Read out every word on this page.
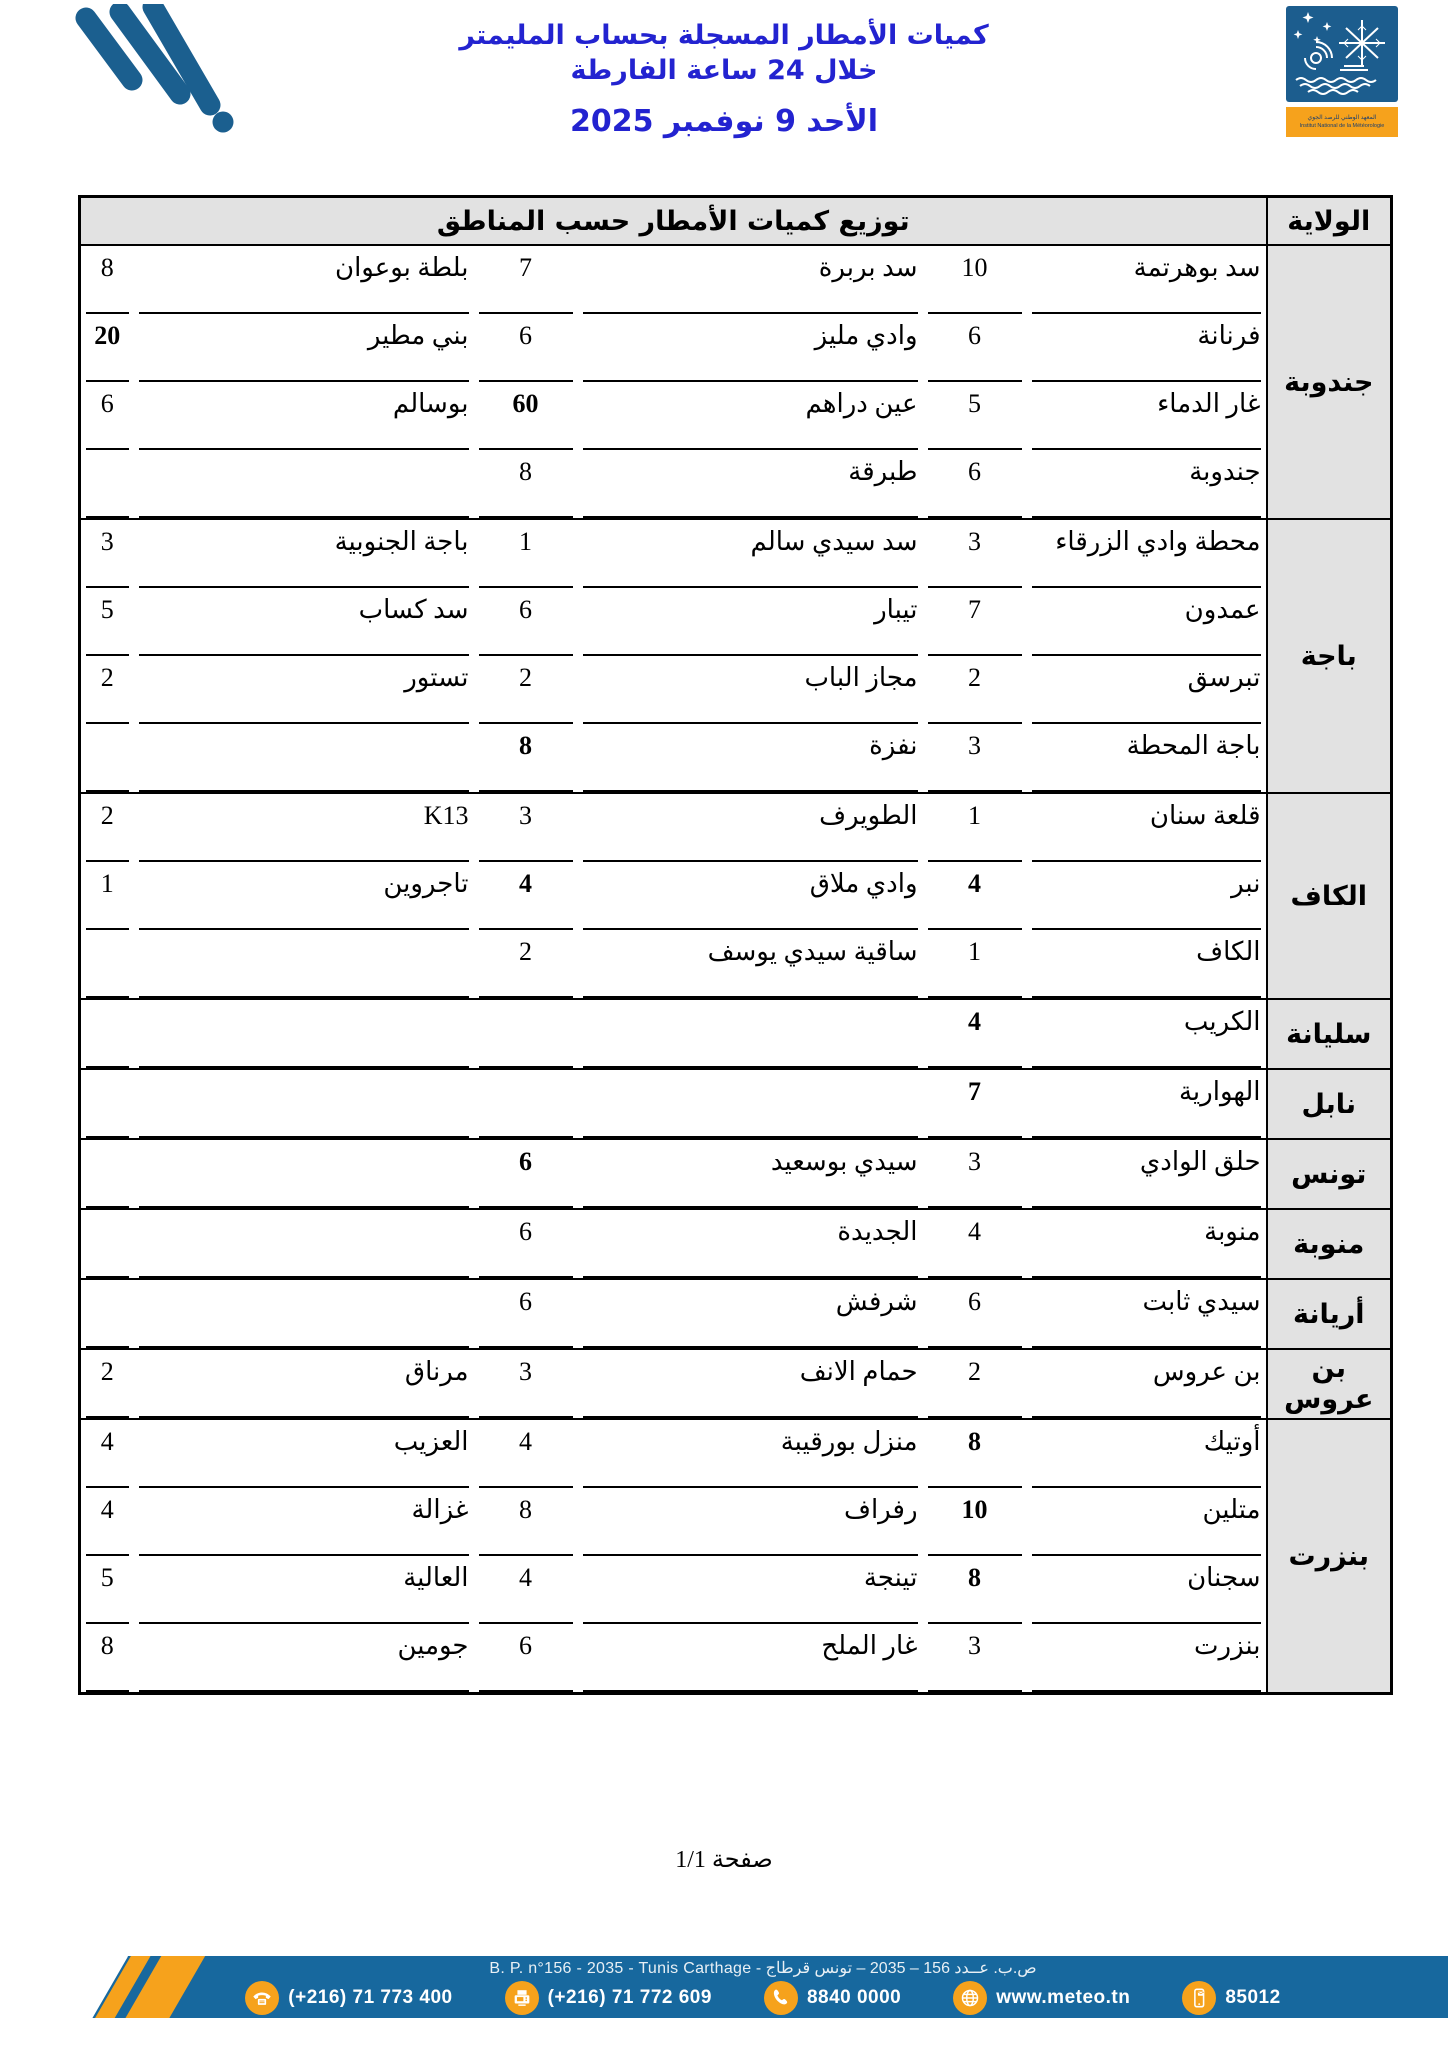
كميات الأمطار المسجلة بحساب المليمتر
خلال 24 ساعة الفارطة
الأحد 9 نوفمبر 2025	المعهد الوطني للرصد الجوي
Institut National de la Météorologie
الولاية	توزيع كميات الأمطار حسب المناطق					
جندوبة	سد بوهرتمة	10	سد بربرة	7	بلطة بوعوان	8

	فرنانة	6	وادي مليز	6	بني مطير	20

	غار الدماء	5	عين دراهم	60	بوسالم	6

	جندوبة	6	طبرقة	8		

باجة	محطة وادي الزرقاء	3	سد سيدي سالم	1	باجة الجنوبية	3

	عمدون	7	تيبار	6	سد كساب	5

	تبرسق	2	مجاز الباب	2	تستور	2

	باجة المحطة	3	نفزة	8		

الكاف	قلعة سنان	1	الطويرف	3	K13	2

	نبر	4	وادي ملاق	4	تاجروين	1

	الكاف	1	ساقية سيدي يوسف	2		

سليانة	الكريب	4				

نابل	الهوارية	7				

تونس	حلق الوادي	3	سيدي بوسعيد	6		

منوبة	منوبة	4	الجديدة	6		

أريانة	سيدي ثابت	6	شرفش	6		

بن عروس	بن عروس	2	حمام الانف	3	مرناق	2

بنزرت	أوتيك	8	منزل بورقيبة	4	العزيب	4

	متلين	10	رفراف	8	غزالة	4

	سجنان	8	تينجة	4	العالية	5

	بنزرت	3	غار الملح	6	جومين	8
صفحة 1/1
ص.ب. عــدد 156 – 2035 – تونس قرطاج - B. P. n°156 - 2035 - Tunis Carthage
(+216) 71 773 400	(+216) 71 772 609	8840 0000	www.meteo.tn	85012
